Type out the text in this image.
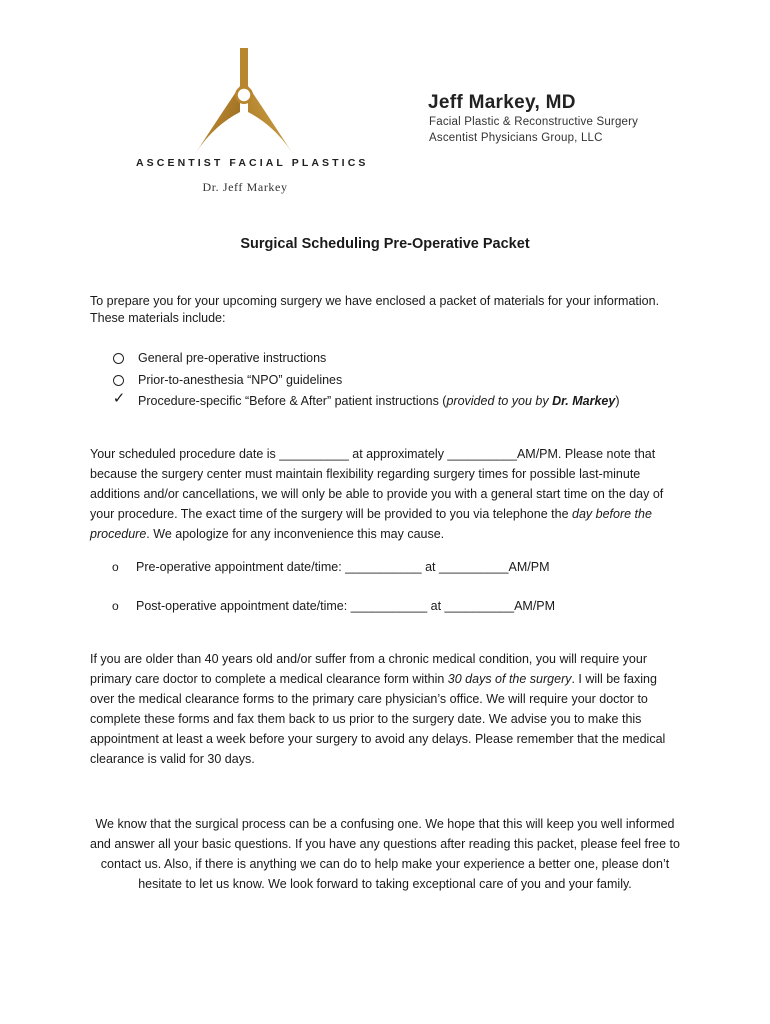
ASCENTIST FACIAL PLASTICS
Dr. Jeff Markey
Jeff Markey, MD
Facial Plastic & Reconstructive Surgery
Ascentist Physicians Group, LLC
Surgical Scheduling Pre-Operative Packet
To prepare you for your upcoming surgery we have enclosed a packet of materials for your information. These materials include:
General pre-operative instructions
Prior-to-anesthesia “NPO” guidelines
✓ Procedure-specific “Before & After” patient instructions (provided to you by Dr. Markey)
Your scheduled procedure date is __________ at approximately __________AM/PM. Please note that because the surgery center must maintain flexibility regarding surgery times for possible last-minute additions and/or cancellations, we will only be able to provide you with a general start time on the day of your procedure. The exact time of the surgery will be provided to you via telephone the day before the procedure. We apologize for any inconvenience this may cause.
o Pre-operative appointment date/time: ___________ at __________AM/PM
o Post-operative appointment date/time: ___________ at __________AM/PM
If you are older than 40 years old and/or suffer from a chronic medical condition, you will require your primary care doctor to complete a medical clearance form within 30 days of the surgery. I will be faxing over the medical clearance forms to the primary care physician’s office. We will require your doctor to complete these forms and fax them back to us prior to the surgery date. We advise you to make this appointment at least a week before your surgery to avoid any delays. Please remember that the medical clearance is valid for 30 days.
We know that the surgical process can be a confusing one. We hope that this will keep you well informed and answer all your basic questions. If you have any questions after reading this packet, please feel free to contact us. Also, if there is anything we can do to help make your experience a better one, please don’t hesitate to let us know. We look forward to taking exceptional care of you and your family.
